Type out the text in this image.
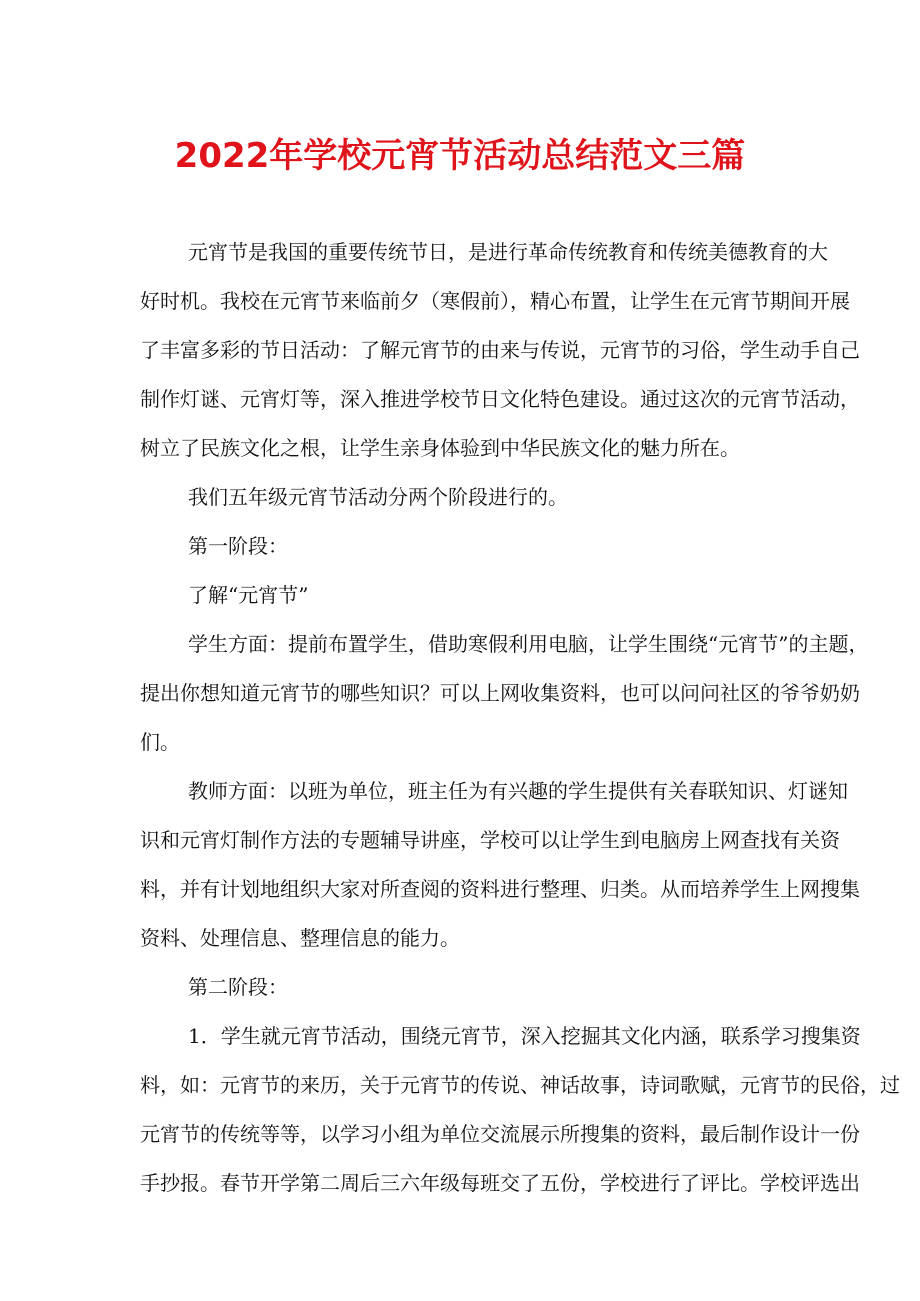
2022年学校元宵节活动总结范文三篇
元宵节是我国的重要传统节日，是进行革命传统教育和传统美德教育的大
好时机。我校在元宵节来临前夕（寒假前），精心布置，让学生在元宵节期间开展
了丰富多彩的节日活动：了解元宵节的由来与传说，元宵节的习俗，学生动手自己
制作灯谜、元宵灯等，深入推进学校节日文化特色建设。通过这次的元宵节活动，
树立了民族文化之根，让学生亲身体验到中华民族文化的魅力所在。
我们五年级元宵节活动分两个阶段进行的。
第一阶段：
了解“元宵节”
学生方面：提前布置学生，借助寒假利用电脑，让学生围绕“元宵节”的主题，
提出你想知道元宵节的哪些知识？可以上网收集资料，也可以问问社区的爷爷奶奶
们。
教师方面：以班为单位，班主任为有兴趣的学生提供有关春联知识、灯谜知
识和元宵灯制作方法的专题辅导讲座，学校可以让学生到电脑房上网查找有关资
料，并有计划地组织大家对所查阅的资料进行整理、归类。从而培养学生上网搜集
资料、处理信息、整理信息的能力。
第二阶段：
1．学生就元宵节活动，围绕元宵节，深入挖掘其文化内涵，联系学习搜集资
料，如：元宵节的来历，关于元宵节的传说、神话故事，诗词歌赋，元宵节的民俗，过
元宵节的传统等等，以学习小组为单位交流展示所搜集的资料，最后制作设计一份
手抄报。春节开学第二周后三六年级每班交了五份，学校进行了评比。学校评选出
